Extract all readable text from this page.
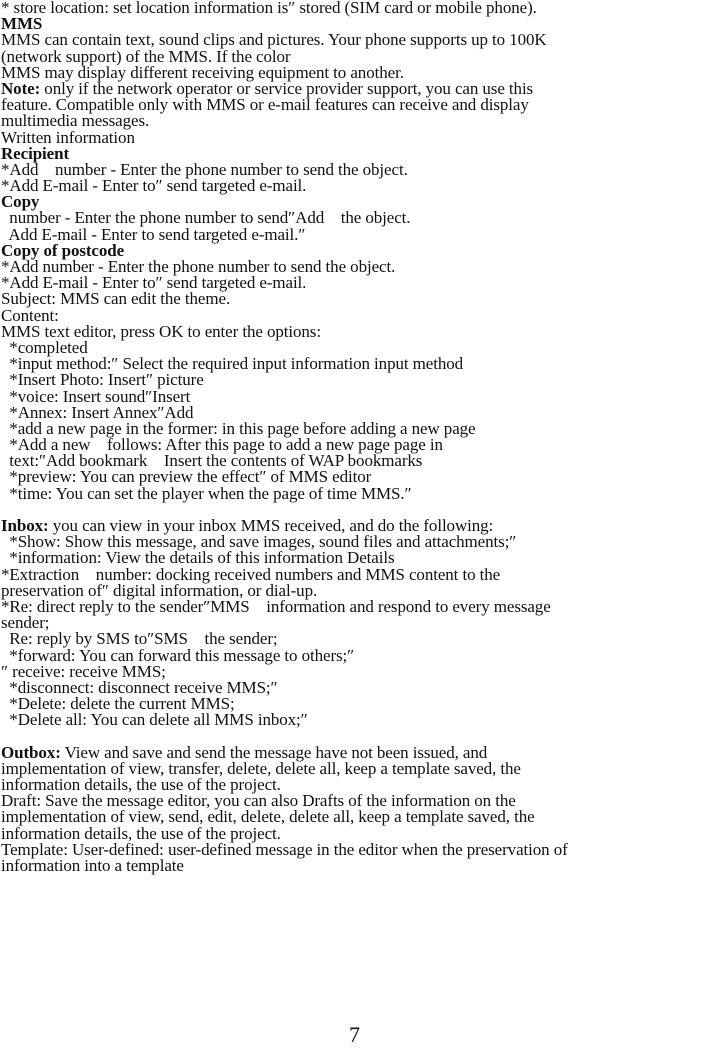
* store location: set location information is″ stored (SIM card or mobile phone).
MMS
MMS can contain text, sound clips and pictures. Your phone supports up to 100K
(network support) of the MMS. If the color
MMS may display different receiving equipment to another.
Note: only if the network operator or service provider support, you can use this
feature. Compatible only with MMS or e-mail features can receive and display
multimedia messages.
Written information
Recipient
*Add    number - Enter the phone number to send the object.
*Add E-mail - Enter to″ send targeted e-mail.
Copy
number - Enter the phone number to send″Add    the object.
Add E-mail - Enter to send targeted e-mail.″
Copy of postcode
*Add number - Enter the phone number to send the object.
*Add E-mail - Enter to″ send targeted e-mail.
Subject: MMS can edit the theme.
Content:
MMS text editor, press OK to enter the options:
*completed
*input method:″ Select the required input information input method
*Insert Photo: Insert″ picture
*voice: Insert sound″Insert
*Annex: Insert Annex″Add
*add a new page in the former: in this page before adding a new page
*Add a new    follows: After this page to add a new page page in
text:″Add bookmark    Insert the contents of WAP bookmarks
*preview: You can preview the effect″ of MMS editor
*time: You can set the player when the page of time MMS.″
Inbox: you can view in your inbox MMS received, and do the following:
*Show: Show this message, and save images, sound files and attachments;″
*information: View the details of this information Details
*Extraction    number: docking received numbers and MMS content to the
preservation of″ digital information, or dial-up.
*Re: direct reply to the sender″MMS    information and respond to every message
sender;
Re: reply by SMS to″SMS    the sender;
*forward: You can forward this message to others;″
″ receive: receive MMS;
*disconnect: disconnect receive MMS;″
*Delete: delete the current MMS;
*Delete all: You can delete all MMS inbox;″
Outbox: View and save and send the message have not been issued, and
implementation of view, transfer, delete, delete all, keep a template saved, the
information details, the use of the project.
Draft: Save the message editor, you can also Drafts of the information on the
implementation of view, send, edit, delete, delete all, keep a template saved, the
information details, the use of the project.
Template: User-defined: user-defined message in the editor when the preservation of
information into a template
7
